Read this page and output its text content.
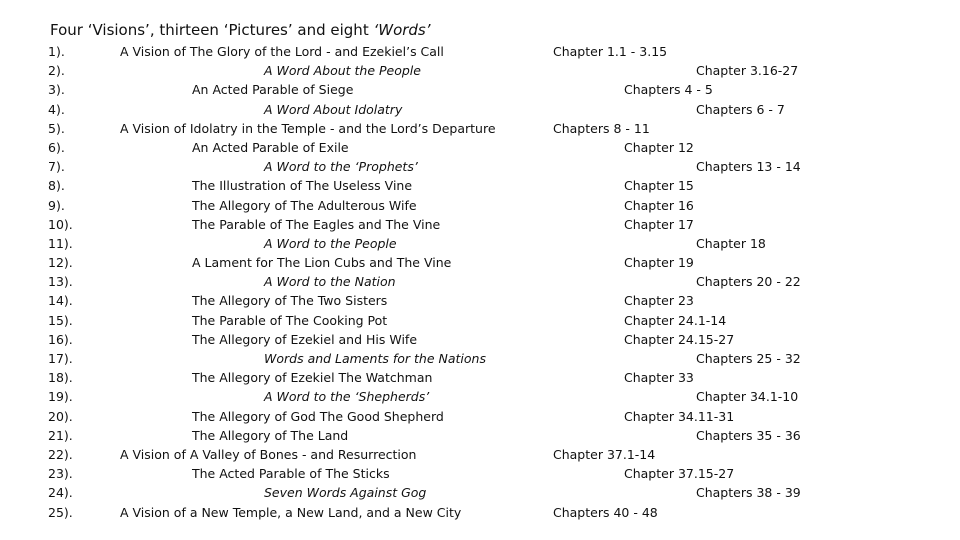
Four ‘Visions’, thirteen ‘Pictures’ and eight ‘Words’
1).	A Vision of The Glory of the Lord - and Ezekiel’s Call	Chapter 1.1 - 3.15
2).	A Word About the People	Chapter 3.16-27
3).	An Acted Parable of Siege	Chapters 4 - 5
4).	A Word About Idolatry	Chapters 6 - 7
5).	A Vision of Idolatry in the Temple - and the Lord’s Departure	Chapters 8 - 11
6).	An Acted Parable of Exile	Chapter 12
7).	A Word to the ‘Prophets’	Chapters 13 - 14
8).	The Illustration of The Useless Vine	Chapter 15
9).	The Allegory of The Adulterous Wife	Chapter 16
10).	The Parable of The Eagles and The Vine	Chapter 17
11).	A Word to the People	Chapter 18
12).	A Lament for The Lion Cubs and The Vine	Chapter 19
13).	A Word to the Nation	Chapters 20 - 22
14).	The Allegory of The Two Sisters	Chapter 23
15).	The Parable of The Cooking Pot	Chapter 24.1-14
16).	The Allegory of Ezekiel and His Wife	Chapter 24.15-27
17).	Words and Laments for the Nations	Chapters 25 - 32
18).	The Allegory of Ezekiel The Watchman	Chapter 33
19).	A Word to the ‘Shepherds’	Chapter 34.1-10
20).	The Allegory of God The Good Shepherd	Chapter 34.11-31
21).	The Allegory of The Land	Chapters 35 - 36
22).	A Vision of A Valley of Bones - and Resurrection	Chapter 37.1-14
23).	The Acted Parable of The Sticks	Chapter 37.15-27
24).	Seven Words Against Gog	Chapters 38 - 39
25).	A Vision of a New Temple, a New Land, and a New City	Chapters 40 - 48
